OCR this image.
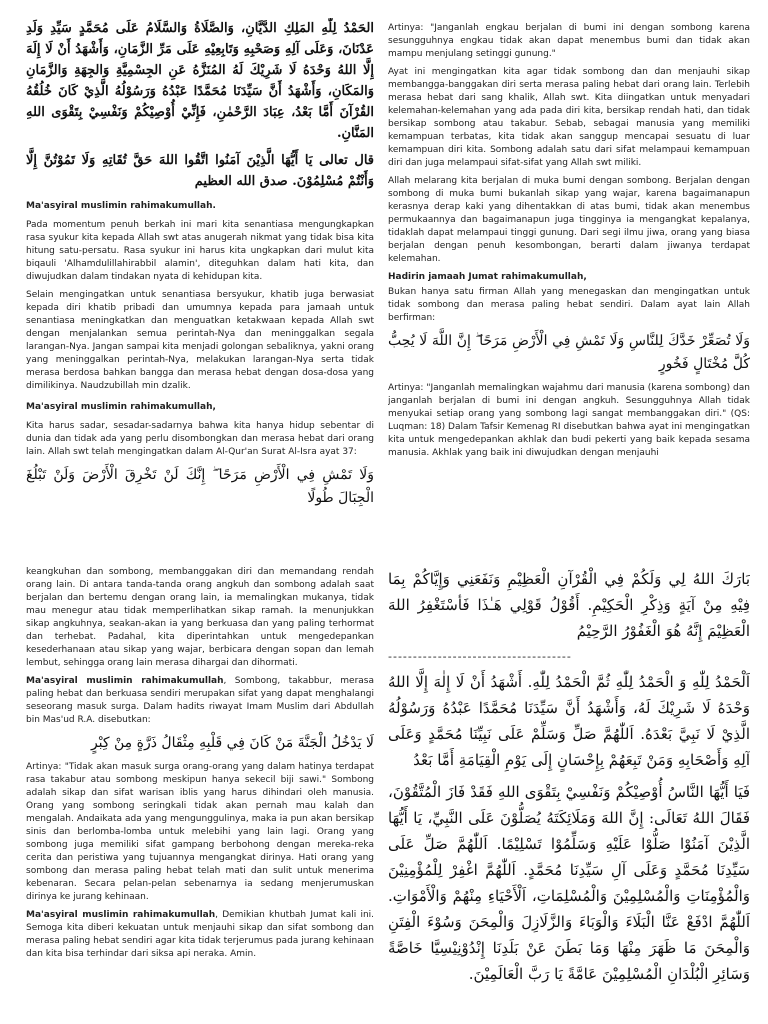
الحَمْدُ لِلّٰهِ المَلِكِ الدَّيَّانِ، وَالصَّلَاةُ وَالسَّلَامُ عَلَى مُحَمَّدٍ سَيِّدِ وَلَدِ عَدْنَانَ، وَعَلَى آلِهِ وَصَحْبِهِ وَتَابِعِيْهِ عَلَى مَرِّ الزَّمَانِ، وَأَشْهَدُ أَنْ لَا إِلَهَ إِلَّا اللهُ وَحْدَهُ لَا شَرِيْكَ لَهُ المُنَزَّهُ عَنِ الجِسْمِيَّةِ وَالجِهَةِ وَالزَّمَانِ وَالمَكَانِ، وَأَشْهَدُ أَنَّ سَيِّدَنَا مُحَمَّدًا عَبْدُهُ وَرَسُوْلُهُ الَّذِيْ كَانَ خُلُقُهُ القُرْآنَ أَمَّا بَعْدُ، عِبَادَ الرَّحْمٰنِ، فَإِنِّيْ أُوْصِيْكُمْ وَنَفْسِيْ بِتَقْوَى اللهِ المَنَّانِ.

قال تعالى يَا أَيُّهَا الَّذِيْنَ آمَنُوا اتَّقُوا اللهَ حَقَّ تُقَاتِهِ وَلَا تَمُوْتُنَّ إِلَّا وَأَنْتُمْ مُسْلِمُوْنَ. صدق الله العظيم

Ma'asyiral muslimin rahimakumullah.

Pada momentum penuh berkah ini mari kita senantiasa mengungkapkan rasa syukur kita kepada Allah swt atas anugerah nikmat yang tidak bisa kita hitung satu-persatu. Rasa syukur ini harus kita ungkapkan dari mulut kita biqauli 'Alhamdulillahirabbil alamin', diteguhkan dalam hati kita, dan diwujudkan dalam tindakan nyata di kehidupan kita.

Selain mengingatkan untuk senantiasa bersyukur, khatib juga berwasiat kepada diri khatib pribadi dan umumnya kepada para jamaah untuk senantiasa meningkatkan dan menguatkan ketakwaan kepada Allah swt dengan menjalankan semua perintah-Nya dan meninggalkan segala larangan-Nya. Jangan sampai kita menjadi golongan sebaliknya, yakni orang yang meninggalkan perintah-Nya, melakukan larangan-Nya serta tidak merasa berdosa bahkan bangga dan merasa hebat dengan dosa-dosa yang dimilikinya. Naudzubillah min dzalik.

Ma'asyiral muslimin rahimakumullah,

Kita harus sadar, sesadar-sadarnya bahwa kita hanya hidup sebentar di dunia dan tidak ada yang perlu disombongkan dan merasa hebat dari orang lain. Allah swt telah mengingatkan dalam Al-Qur'an Surat Al-Isra ayat 37:

وَلَا تَمْشِ فِي الْأَرْضِ مَرَحًا ۖ إِنَّكَ لَنْ تَخْرِقَ الْأَرْضَ وَلَنْ تَبْلُغَ الْجِبَالَ طُولًا

Artinya: "Janganlah engkau berjalan di bumi ini dengan sombong karena sesungguhnya engkau tidak akan dapat menembus bumi dan tidak akan mampu menjulang setinggi gunung."

Ayat ini mengingatkan kita agar tidak sombong dan dan menjauhi sikap membangga-banggakan diri serta merasa paling hebat dari orang lain. Terlebih merasa hebat dari sang khalik, Allah swt. Kita diingatkan untuk menyadari kelemahan-kelemahan yang ada pada diri kita, bersikap rendah hati, dan tidak bersikap sombong atau takabur. Sebab, sebagai manusia yang memiliki kemampuan terbatas, kita tidak akan sanggup mencapai sesuatu di luar kemampuan diri kita. Sombong adalah satu dari sifat melampaui kemampuan diri dan juga melampaui sifat-sifat yang Allah swt miliki.

Allah melarang kita berjalan di muka bumi dengan sombong. Berjalan dengan sombong di muka bumi bukanlah sikap yang wajar, karena bagaimanapun kerasnya derap kaki yang dihentakkan di atas bumi, tidak akan menembus permukaannya dan bagaimanapun juga tingginya ia mengangkat kepalanya, tidaklah dapat melampaui tinggi gunung. Dari segi ilmu jiwa, orang yang biasa berjalan dengan penuh kesombongan, berarti dalam jiwanya terdapat kelemahan.

Hadirin jamaah Jumat rahimakumullah,

Bukan hanya satu firman Allah yang menegaskan dan mengingatkan untuk tidak sombong dan merasa paling hebat sendiri. Dalam ayat lain Allah berfirman:

وَلَا تُصَعِّرْ خَدَّكَ لِلنَّاسِ وَلَا تَمْشِ فِي الْأَرْضِ مَرَحًا ۖ إِنَّ اللَّهَ لَا يُحِبُّ كُلَّ مُخْتَالٍ فَخُورٍ

Artinya: "Janganlah memalingkan wajahmu dari manusia (karena sombong) dan janganlah berjalan di bumi ini dengan angkuh. Sesungguhnya Allah tidak menyukai setiap orang yang sombong lagi sangat membanggakan diri." (QS: Luqman: 18) Dalam Tafsir Kemenag RI disebutkan bahwa ayat ini mengingatkan kita untuk mengedepankan akhlak dan budi pekerti yang baik kepada sesama manusia. Akhlak yang baik ini diwujudkan dengan menjauhi

keangkuhan dan sombong, membanggakan diri dan memandang rendah orang lain. Di antara tanda-tanda orang angkuh dan sombong adalah saat berjalan dan bertemu dengan orang lain, ia memalingkan mukanya, tidak mau menegur atau tidak memperlihatkan sikap ramah. Ia menunjukkan sikap angkuhnya, seakan-akan ia yang berkuasa dan yang paling terhormat dan terhebat. Padahal, kita diperintahkan untuk mengedepankan kesederhanaan atau sikap yang wajar, berbicara dengan sopan dan lemah lembut, sehingga orang lain merasa dihargai dan dihormati.

Ma'asyiral muslimin rahimakumullah, Sombong, takabbur, merasa paling hebat dan berkuasa sendiri merupakan sifat yang dapat menghalangi seseorang masuk surga. Dalam hadits riwayat Imam Muslim dari Abdullah bin Mas'ud R.A. disebutkan:

لَا يَدْخُلُ الْجَنَّةَ مَنْ كَانَ فِي قَلْبِهِ مِثْقَالُ ذَرَّةٍ مِنْ كِبْرٍ

Artinya: "Tidak akan masuk surga orang-orang yang dalam hatinya terdapat rasa takabur atau sombong meskipun hanya sekecil biji sawi." Sombong adalah sikap dan sifat warisan iblis yang harus dihindari oleh manusia. Orang yang sombong seringkali tidak akan pernah mau kalah dan mengalah. Andaikata ada yang mengunggulinya, maka ia pun akan bersikap sinis dan berlomba-lomba untuk melebihi yang lain lagi. Orang yang sombong juga memiliki sifat gampang berbohong dengan mereka-reka cerita dan peristiwa yang tujuannya mengangkat dirinya. Hati orang yang sombong dan merasa paling hebat telah mati dan sulit untuk menerima kebenaran. Secara pelan-pelan sebenarnya ia sedang menjerumuskan dirinya ke jurang kehinaan.

Ma'asyiral muslimin rahimakumullah, Demikian khutbah Jumat kali ini. Semoga kita diberi kekuatan untuk menjauhi sikap dan sifat sombong dan merasa paling hebat sendiri agar kita tidak terjerumus pada jurang kehinaan dan kita bisa terhindar dari siksa api neraka. Amin.

بَارَكَ اللهُ لِي وَلَكُمْ فِي الْقُرْآنِ الْعَظِيْمِ وَنَفَعَنِي وَإِيَّاكُمْ بِمَا فِيْهِ مِنْ آيَةٍ وَذِكْرِ الْحَكِيْمِ. أَقُوْلُ قَوْلِي هَـٰذَا فَأسْتَغْفِرُ اللهَ الْعَظِيْمَ إِنَّهُ هُوَ الْغَفُوْرُ الرَّحِيْمُ

-------------------------------------

اَلْحَمْدُ لِلّٰهِ وَ الْحَمْدُ لِلّٰهِ ثُمَّ الْحَمْدُ لِلّٰهِ. أَشْهَدُ أَنْ لَا إِلٰهَ إِلَّا اللهُ وَحْدَهُ لَا شَرِيْكَ لَهُ، وَأَشْهَدُ أَنَّ سَيِّدَنَا مُحَمَّدًا عَبْدُهُ وَرَسُوْلُهُ الَّذِيْ لَا نَبِيَّ بَعْدَهُ. اَللّٰهُمَّ صَلِّ وَسَلِّمْ عَلَى نَبِيِّنَا مُحَمَّدٍ وَعَلَى آلِهِ وَأَصْحَابِهِ وَمَنْ تَبِعَهُمْ بِإِحْسَانٍ إِلَى يَوْمِ الْقِيَامَةِ أَمَّا بَعْدُ

فَيَا أَيُّهَا النَّاسُ أُوْصِيْكُمْ وَنَفْسِيْ بِتَقْوَى اللهِ فَقَدْ فَازَ الْمُتَّقُوْنَ، فَقَالَ اللهُ تَعَالَى: إِنَّ اللهَ وَمَلَائِكَتَهُ يُصَلُّوْنَ عَلَى النَّبِيِّ، يَا أَيُّهَا الَّذِيْنَ آمَنُوْا صَلُّوْا عَلَيْهِ وَسَلِّمُوْا تَسْلِيْمًا. اَللّٰهُمَّ صَلِّ عَلَى سَيِّدِنَا مُحَمَّدٍ وَعَلَى آلِ سَيِّدِنَا مُحَمَّدٍ. اَللّٰهُمَّ اغْفِرْ لِلْمُؤْمِنِيْنَ وَالْمُؤْمِنَاتِ وَالْمُسْلِمِيْنَ وَالْمُسْلِمَاتِ، اَلْأَحْيَاءِ مِنْهُمْ وَالْأَمْوَاتِ. اَللّٰهُمَّ ادْفَعْ عَنَّا الْبَلَاءَ وَالْوَبَاءَ وَالزَّلَازِلَ وَالْمِحَنَ وَسُوْءَ الْفِتَنِ وَالْمِحَنَ مَا ظَهَرَ مِنْهَا وَمَا بَطَنَ عَنْ بَلَدِنَا إِنْدُوْنِيْسِيَّا خَاصَّةً وَسَائِرِ الْبُلْدَانِ الْمُسْلِمِيْنَ عَامَّةً يَا رَبَّ الْعَالَمِيْنَ.
